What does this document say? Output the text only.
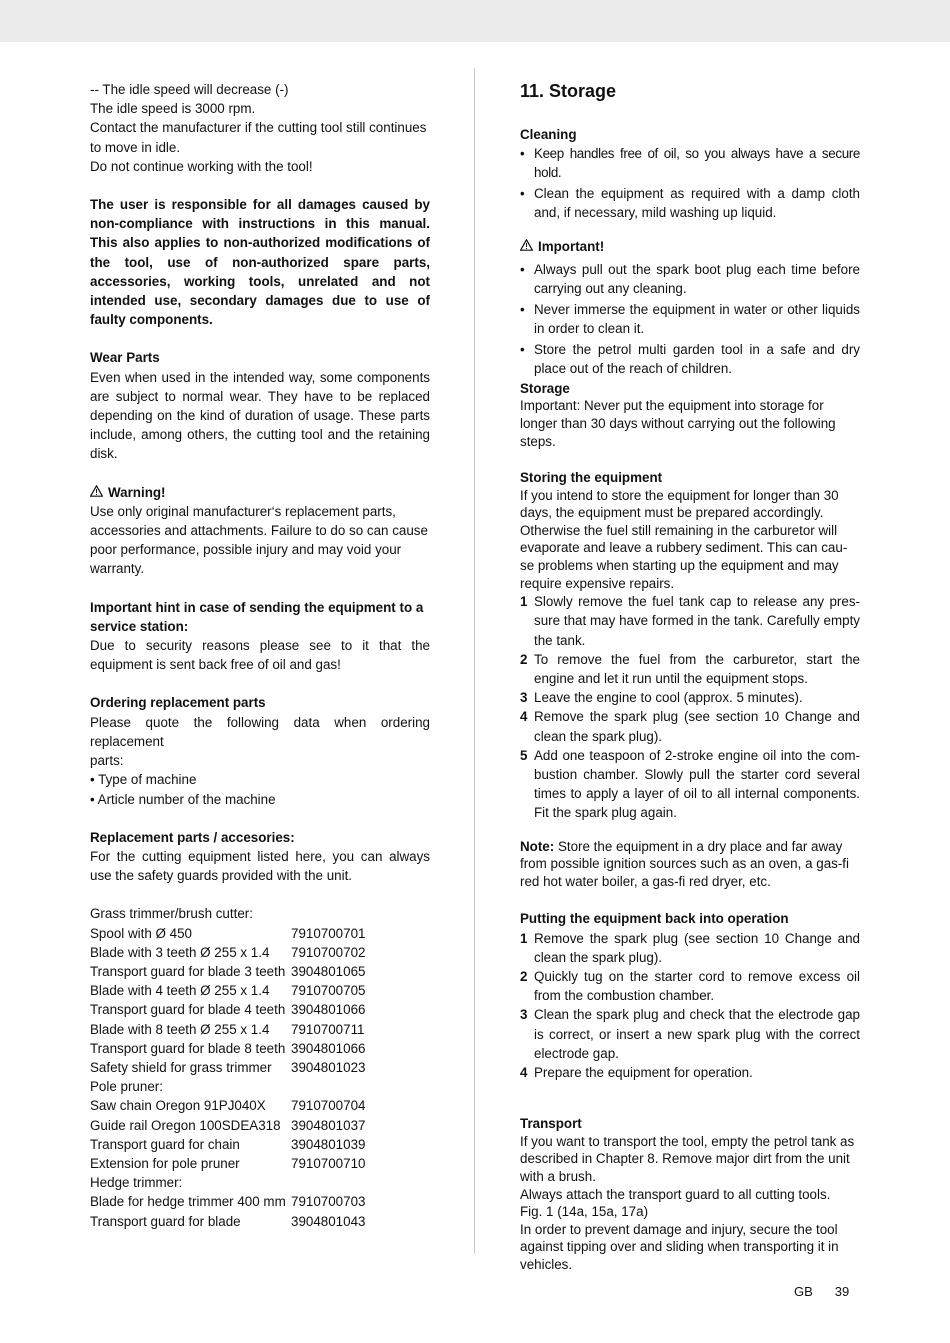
-- The idle speed will decrease (-)

The idle speed is 3000 rpm.

Contact the manufacturer if the cutting tool still continues to move in idle.

Do not continue working with the tool!

The user is responsible for all damages caused by non-compliance with instructions in this manual. This also applies to non-authorized modifications of the tool, use of non-authorized spare parts, accessories, working tools, unrelated and not intended use, secondary damages due to use of faulty components.

Wear Parts

Even when used in the intended way, some components are subject to normal wear. They have to be replaced depending on the kind of duration of usage. These parts include, among others, the cutting tool and the retaining disk.

Warning!

Use only original manufacturer‘s replacement parts, accessories and attachments. Failure to do so can cause poor performance, possible injury and may void your warranty.

Important hint in case of sending the equipment to a service station:

Due to security reasons please see to it that the equipment is sent back free of oil and gas!

Ordering replacement parts

Please quote the following data when ordering replacement

parts:

• Type of machine

• Article number of the machine

Replacement parts / accesories:

For the cutting equipment listed here, you can always use the safety guards provided with the unit.

Grass trimmer/brush cutter:	
Spool with Ø 450	7910700701
Blade with 3 teeth Ø 255 x 1.4	7910700702
Transport guard for blade 3 teeth	3904801065
Blade with 4 teeth Ø 255 x 1.4	7910700705
Transport guard for blade 4 teeth	3904801066
Blade with 8 teeth Ø 255 x 1.4	7910700711
Transport guard for blade 8 teeth	3904801066
Safety shield for grass trimmer	3904801023
Pole pruner:	
Saw chain Oregon 91PJ040X	7910700704
Guide rail Oregon 100SDEA318	3904801037
Transport guard for chain	3904801039
Extension for pole pruner	7910700710
Hedge trimmer:	
Blade for hedge trimmer 400 mm	7910700703
Transport guard for blade	3904801043
11. Storage

Cleaning

• Keep handles free of oil, so you always have a secure hold.
• Clean the equipment as required with a damp cloth and, if necessary, mild washing up liquid.

Important!

• Always pull out the spark boot plug each time before carrying out any cleaning.
• Never immerse the equipment in water or other liquids in order to clean it.
• Store the petrol multi garden tool in a safe and dry place out of the reach of children.

Storage

Important: Never put the equipment into storage for longer than 30 days without carrying out the following steps.

Storing the equipment

If you intend to store the equipment for longer than 30 days, the equipment must be prepared accordingly. Otherwise the fuel still remaining in the carburetor will evaporate and leave a rubbery sediment. This can cau-se problems when starting up the equipment and may require expensive repairs.

1 Slowly remove the fuel tank cap to release any pres-sure that may have formed in the tank. Carefully empty the tank.
2 To remove the fuel from the carburetor, start the engine and let it run until the equipment stops.
3 Leave the engine to cool (approx. 5 minutes).
4 Remove the spark plug (see section 10 Change and clean the spark plug).
5 Add one teaspoon of 2-stroke engine oil into the com-bustion chamber. Slowly pull the starter cord several times to apply a layer of oil to all internal components. Fit the spark plug again.

Note: Store the equipment in a dry place and far away from possible ignition sources such as an oven, a gas-fi red hot water boiler, a gas-fi red dryer, etc.

Putting the equipment back into operation

1 Remove the spark plug (see section 10 Change and clean the spark plug).
2 Quickly tug on the starter cord to remove excess oil from the combustion chamber.
3 Clean the spark plug and check that the electrode gap is correct, or insert a new spark plug with the correct electrode gap.
4 Prepare the equipment for operation.

Transport

If you want to transport the tool, empty the petrol tank as described in Chapter 8. Remove major dirt from the unit with a brush.

Always attach the transport guard to all cutting tools.

Fig. 1 (14a, 15a, 17a)

In order to prevent damage and injury, secure the tool against tipping over and sliding when transporting it in vehicles.

GB 39
